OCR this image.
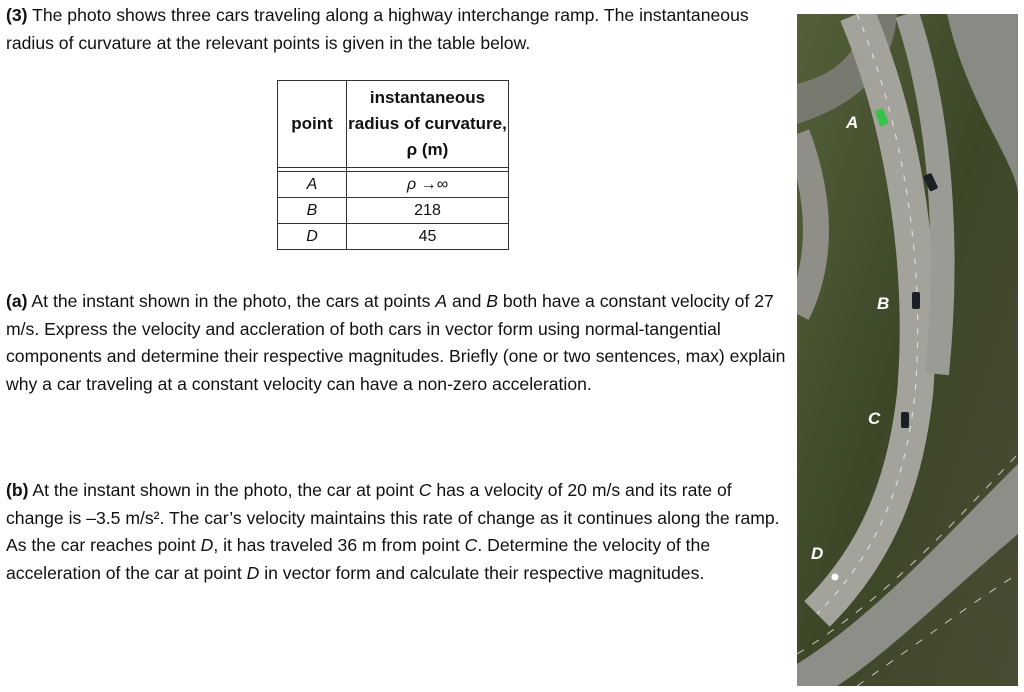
(3) The photo shows three cars traveling along a highway interchange ramp. The instantaneous radius of curvature at the relevant points is given in the table below.

point	instantaneous radius of curvature, ρ (m)

A	ρ →∞
B	218
D	45

(a) At the instant shown in the photo, the cars at points A and B both have a constant velocity of 27 m/s. Express the velocity and accleration of both cars in vector form using normal-tangential components and determine their respective magnitudes. Briefly (one or two sentences, max) explain why a car traveling at a constant velocity can have a non-zero acceleration.

(b) At the instant shown in the photo, the car at point C has a velocity of 20 m/s and its rate of change is –3.5 m/s². The car’s velocity maintains this rate of change as it continues along the ramp. As the car reaches point D, it has traveled 36 m from point C. Determine the velocity of the acceleration of the car at point D in vector form and calculate their respective magnitudes.

A
B
C
D
